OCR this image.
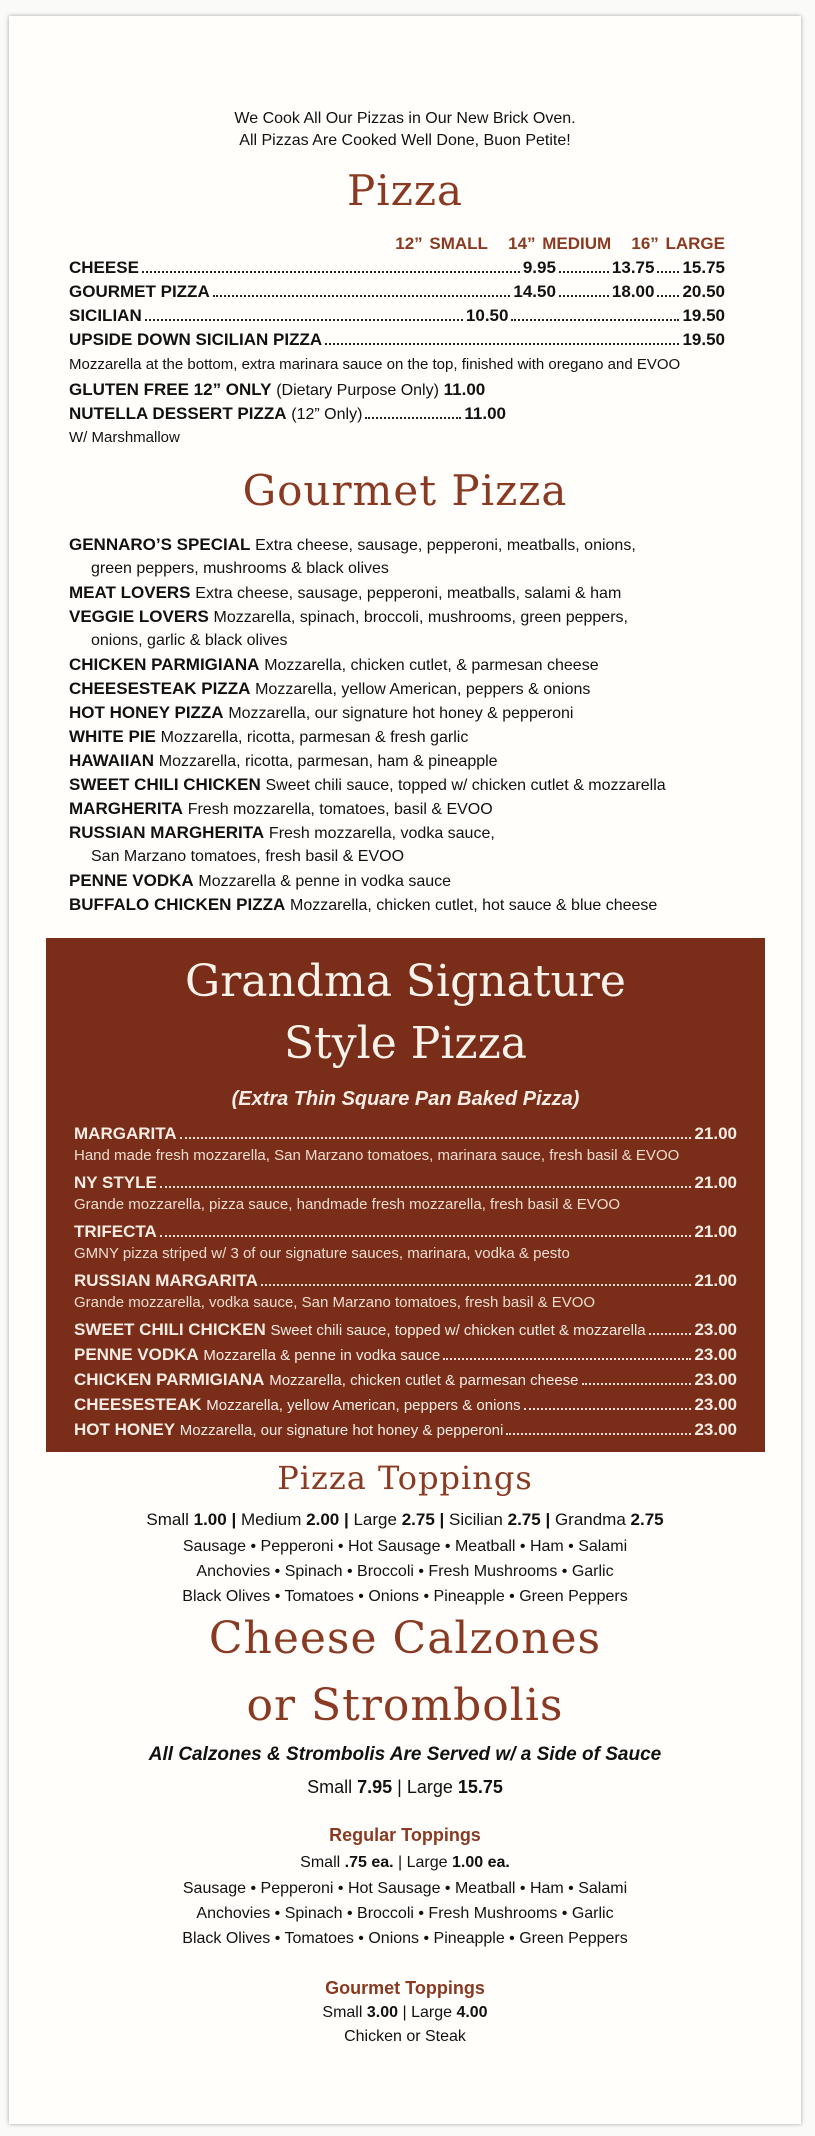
We Cook All Our Pizzas in Our New Brick Oven.
All Pizzas Are Cooked Well Done, Buon Petite!
Pizza
12” SMALL 14” MEDIUM 16” LARGE
CHEESE	9.95	13.75 15.75
GOURMET PIZZA	14.50	18.00 20.50
SICILIAN	10.50	19.50
UPSIDE DOWN SICILIAN PIZZA	19.50
Mozzarella at the bottom, extra marinara sauce on the top, finished with oregano and EVOO
GLUTEN FREE 12” ONLY (Dietary Purpose Only) 11.00
NUTELLA DESSERT PIZZA
(12” Only)	11.00
W/ Marshmallow
Gourmet Pizza
GENNARO’S SPECIAL Extra cheese, sausage, pepperoni, meatballs, onions,
green peppers, mushrooms & black olives
MEAT LOVERS Extra cheese, sausage, pepperoni, meatballs, salami & ham
VEGGIE LOVERS Mozzarella, spinach, broccoli, mushrooms, green peppers,
onions, garlic & black olives
CHICKEN PARMIGIANA Mozzarella, chicken cutlet, & parmesan cheese
CHEESESTEAK PIZZA Mozzarella, yellow American, peppers & onions
HOT HONEY PIZZA Mozzarella, our signature hot honey & pepperoni
WHITE PIE Mozzarella, ricotta, parmesan & fresh garlic
HAWAIIAN Mozzarella, ricotta, parmesan, ham & pineapple
SWEET CHILI CHICKEN Sweet chili sauce, topped w/ chicken cutlet & mozzarella
MARGHERITA Fresh mozzarella, tomatoes, basil & EVOO
RUSSIAN MARGHERITA Fresh mozzarella, vodka sauce,
San Marzano tomatoes, fresh basil & EVOO
PENNE VODKA Mozzarella & penne in vodka sauce
BUFFALO CHICKEN PIZZA Mozzarella, chicken cutlet, hot sauce & blue cheese
Grandma Signature
Style Pizza
(Extra Thin Square Pan Baked Pizza)
MARGARITA	21.00
Hand made fresh mozzarella, San Marzano tomatoes, marinara sauce, fresh basil & EVOO
NY STYLE	21.00
Grande mozzarella, pizza sauce, handmade fresh mozzarella, fresh basil & EVOO
TRIFECTA	21.00
GMNY pizza striped w/ 3 of our signature sauces, marinara, vodka & pesto
RUSSIAN MARGARITA	21.00
Grande mozzarella, vodka sauce, San Marzano tomatoes, fresh basil & EVOO
SWEET CHILI CHICKEN
Sweet chili sauce, topped w/ chicken cutlet & mozzarella	23.00
PENNE VODKA
Mozzarella & penne in vodka sauce	23.00
CHICKEN PARMIGIANA
Mozzarella, chicken cutlet & parmesan cheese	23.00
CHEESESTEAK
Mozzarella, yellow American, peppers & onions	23.00
HOT HONEY
Mozzarella, our signature hot honey & pepperoni	23.00
Pizza Toppings
Small 1.00 | Medium 2.00 | Large 2.75 | Sicilian 2.75 | Grandma 2.75
Sausage • Pepperoni • Hot Sausage • Meatball • Ham • Salami
Anchovies • Spinach • Broccoli • Fresh Mushrooms • Garlic
Black Olives • Tomatoes • Onions • Pineapple • Green Peppers
Cheese Calzones
or Strombolis
All Calzones & Strombolis Are Served w/ a Side of Sauce
Small 7.95 | Large 15.75
Regular Toppings
Small .75 ea. | Large 1.00 ea.
Sausage • Pepperoni • Hot Sausage • Meatball • Ham • Salami
Anchovies • Spinach • Broccoli • Fresh Mushrooms • Garlic
Black Olives • Tomatoes • Onions • Pineapple • Green Peppers
Gourmet Toppings
Small 3.00 | Large 4.00
Chicken or Steak
